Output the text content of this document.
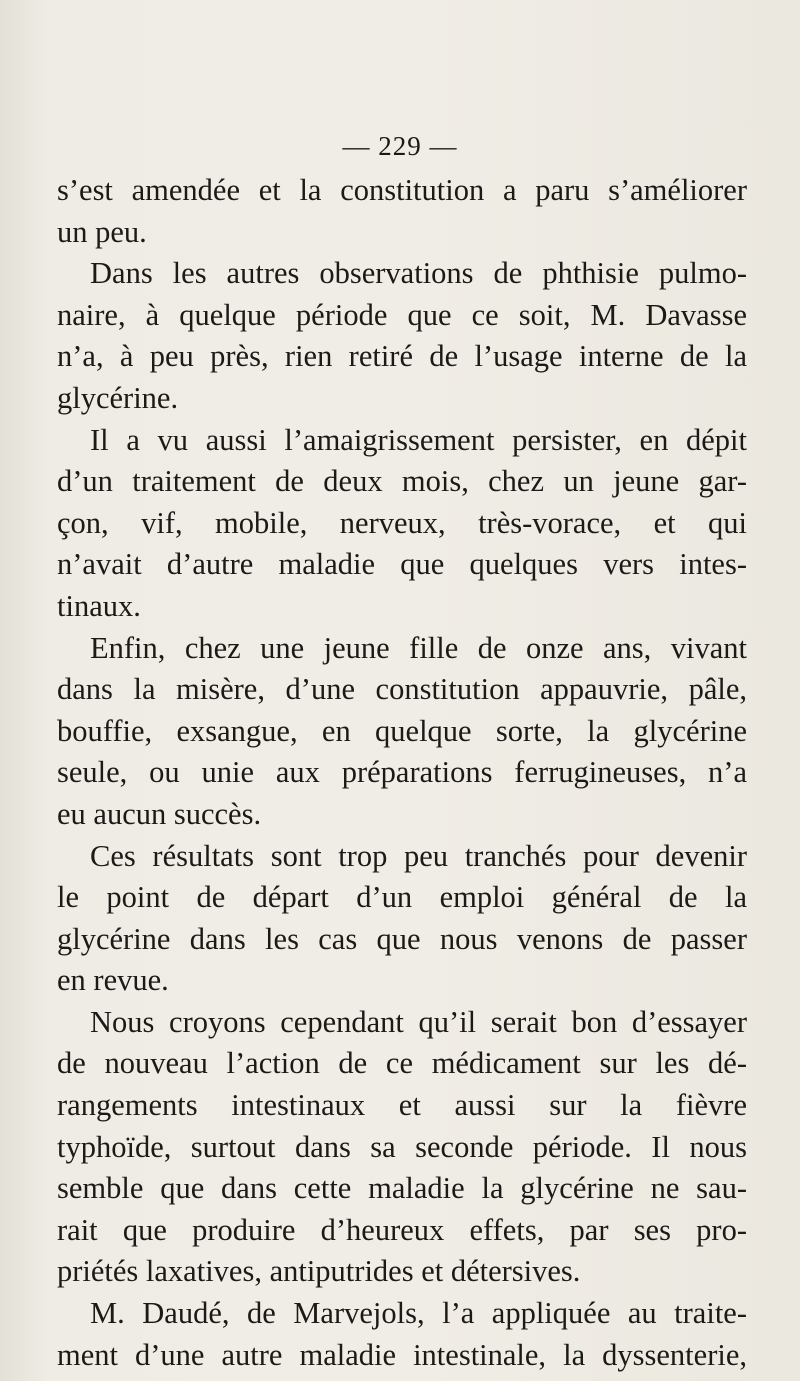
— 229 —
s’est amendée et la constitution a paru s’améliorer
un peu.
Dans les autres observations de phthisie pulmo-
naire, à quelque période que ce soit, M. Davasse
n’a, à peu près, rien retiré de l’usage interne de la
glycérine.
Il a vu aussi l’amaigrissement persister, en dépit
d’un traitement de deux mois, chez un jeune gar-
çon, vif, mobile, nerveux, très-vorace, et qui
n’avait d’autre maladie que quelques vers intes-
tinaux.
Enfin, chez une jeune fille de onze ans, vivant
dans la misère, d’une constitution appauvrie, pâle,
bouffie, exsangue, en quelque sorte, la glycérine
seule, ou unie aux préparations ferrugineuses, n’a
eu aucun succès.
Ces résultats sont trop peu tranchés pour devenir
le point de départ d’un emploi général de la
glycérine dans les cas que nous venons de passer
en revue.
Nous croyons cependant qu’il serait bon d’essayer
de nouveau l’action de ce médicament sur les dé-
rangements intestinaux et aussi sur la fièvre
typhoïde, surtout dans sa seconde période. Il nous
semble que dans cette maladie la glycérine ne sau-
rait que produire d’heureux effets, par ses pro-
priétés laxatives, antiputrides et détersives.
M. Daudé, de Marvejols, l’a appliquée au traite-
ment d’une autre maladie intestinale, la dyssenterie,
